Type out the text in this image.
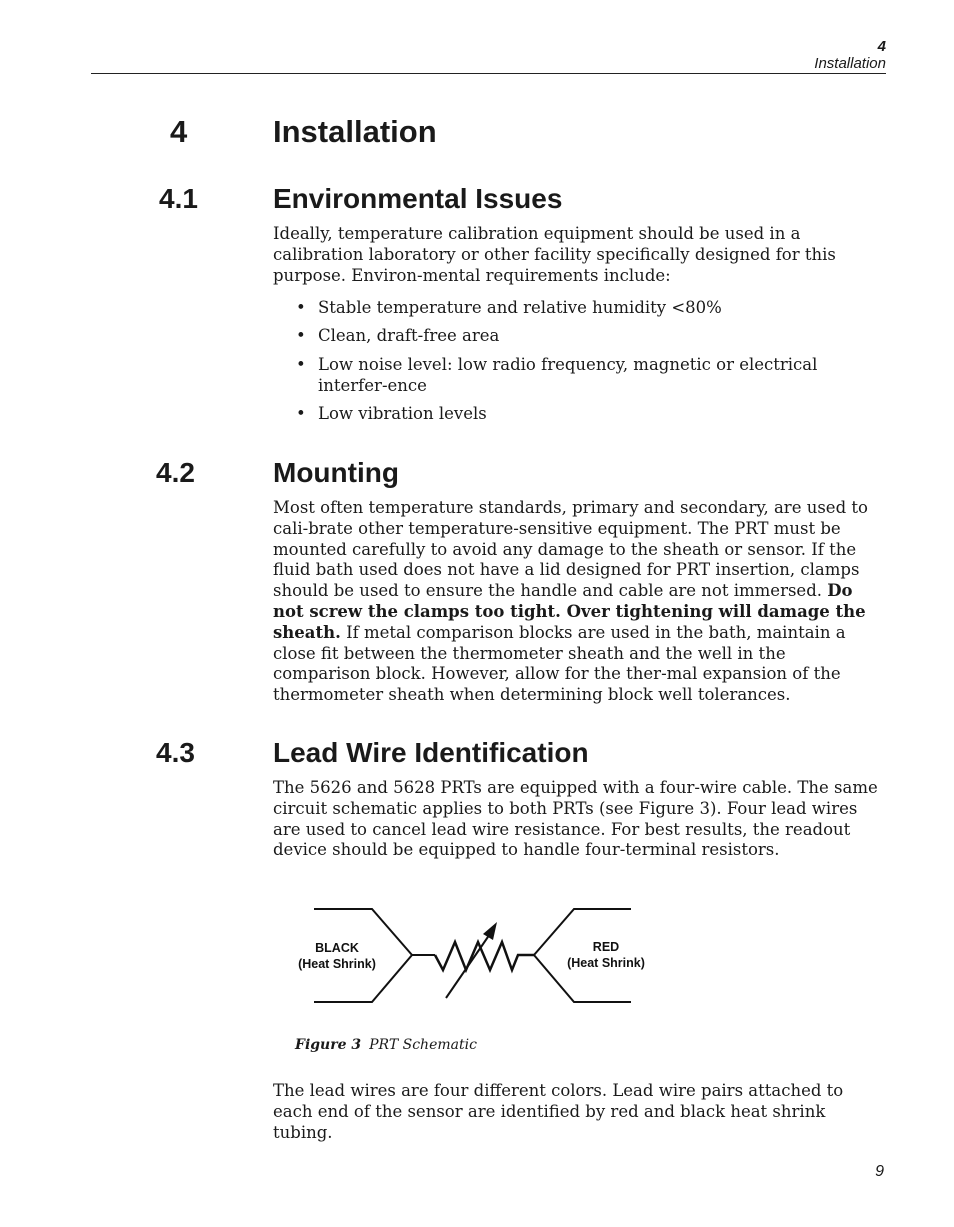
4
Installation
4	Installation
4.1	Environmental Issues

Ideally, temperature calibration equipment should be used in a calibration laboratory or other facility specifically designed for this purpose. Environ-mental requirements include:

• Stable temperature and relative humidity <80%
• Clean, draft-free area
• Low noise level: low radio frequency, magnetic or electrical interfer-ence
• Low vibration levels
4.2	Mounting

Most often temperature standards, primary and secondary, are used to cali-brate other temperature-sensitive equipment. The PRT must be mounted carefully to avoid any damage to the sheath or sensor. If the fluid bath used does not have a lid designed for PRT insertion, clamps should be used to ensure the handle and cable are not immersed. Do not screw the clamps too tight. Over tightening will damage the sheath. If metal comparison blocks are used in the bath, maintain a close fit between the thermometer sheath and the well in the comparison block. However, allow for the ther-mal expansion of the thermometer sheath when determining block well tolerances.

4.3	Lead Wire Identification

The 5626 and 5628 PRTs are equipped with a four-wire cable. The same circuit schematic applies to both PRTs (see Figure 3). Four lead wires are used to cancel lead wire resistance. For best results, the readout device should be equipped to handle four-terminal resistors.

BLACK
(Heat Shrink)
RED
(Heat Shrink)
Figure 3 PRT Schematic

The lead wires are four different colors. Lead wire pairs attached to each end of the sensor are identified by red and black heat shrink tubing.

9
